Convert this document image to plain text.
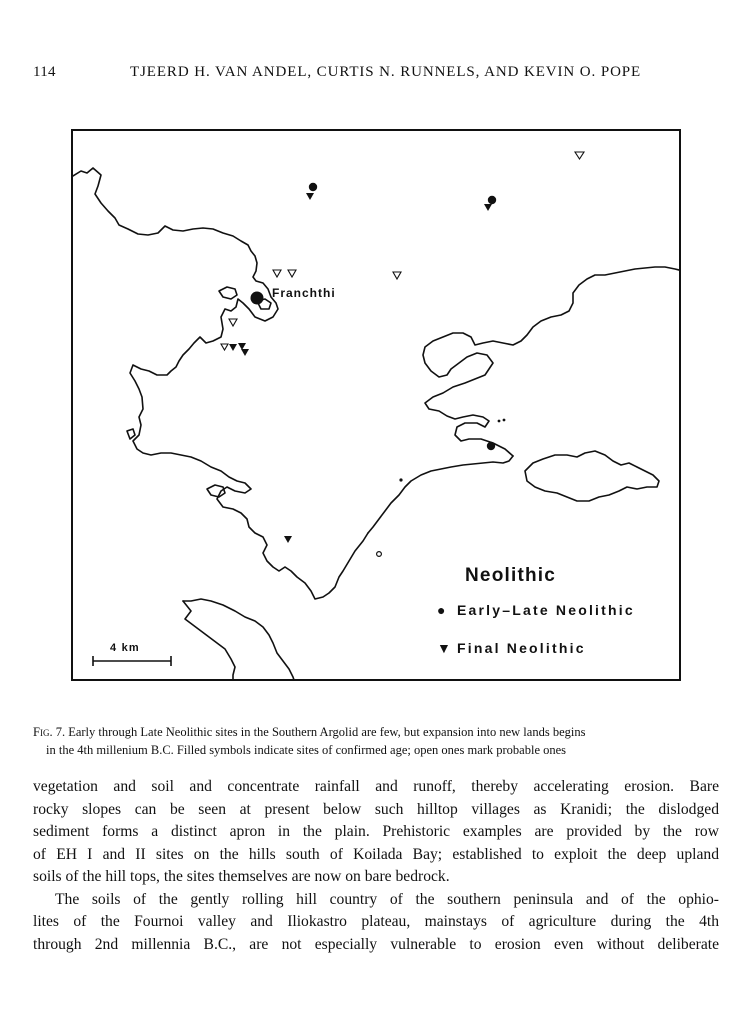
114	TJEERD H. VAN ANDEL, CURTIS N. RUNNELS, AND KEVIN O. POPE
Franchthi
Neolithic
● Early–Late Neolithic
▼ Final Neolithic
4 km
Fig. 7. Early through Late Neolithic sites in the Southern Argolid are few, but expansion into new lands begins
in the 4th millenium B.C. Filled symbols indicate sites of confirmed age; open ones mark probable ones

vegetation and soil and concentrate rainfall and runoff, thereby accelerating erosion. Bare
rocky slopes can be seen at present below such hilltop villages as Kranidi; the dislodged
sediment forms a distinct apron in the plain. Prehistoric examples are provided by the row
of EH I and II sites on the hills south of Koilada Bay; established to exploit the deep upland
soils of the hill tops, the sites themselves are now on bare bedrock.

The soils of the gently rolling hill country of the southern peninsula and of the ophio-
lites of the Fournoi valley and Iliokastro plateau, mainstays of agriculture during the 4th
through 2nd millennia B.C., are not especially vulnerable to erosion even without deliberate
